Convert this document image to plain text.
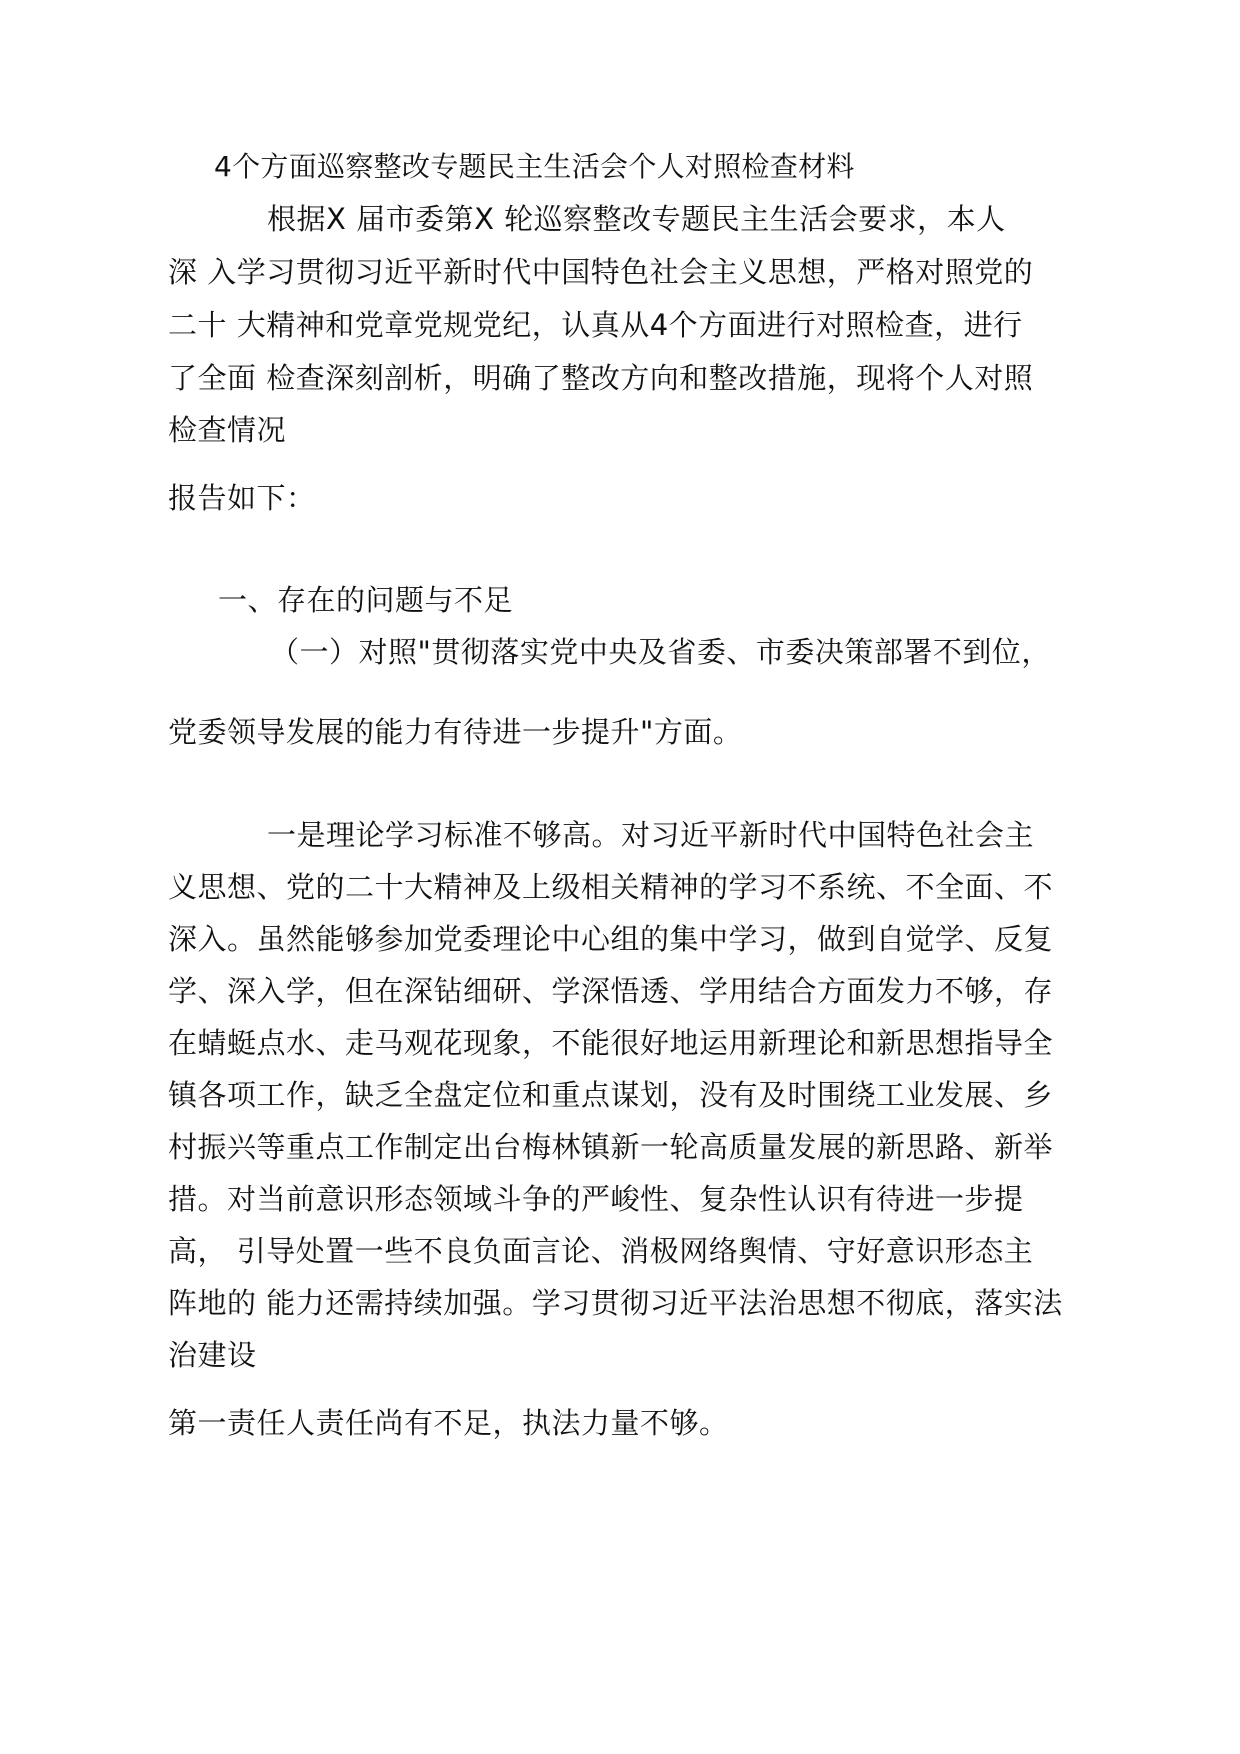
4个方面巡察整改专题民主生活会个人对照检查材料
根据X 届市委第X 轮巡察整改专题民主生活会要求，本人
深 入学习贯彻习近平新时代中国特色社会主义思想，严格对照党的
二十 大精神和党章党规党纪，认真从4个方面进行对照检查，进行
了全面 检查深刻剖析，明确了整改方向和整改措施，现将个人对照
检查情况
报告如下：
一、存在的问题与不足
（一）对照"贯彻落实党中央及省委、市委决策部署不到位，
党委领导发展的能力有待进一步提升"方面。
一是理论学习标准不够高。对习近平新时代中国特色社会主
义思想、党的二十大精神及上级相关精神的学习不系统、不全面、不
深入。虽然能够参加党委理论中心组的集中学习，做到自觉学、反复
学、深入学，但在深钻细研、学深悟透、学用结合方面发力不够，存
在蜻蜓点水、走马观花现象，不能很好地运用新理论和新思想指导全
镇各项工作，缺乏全盘定位和重点谋划，没有及时围绕工业发展、乡
村振兴等重点工作制定出台梅林镇新一轮高质量发展的新思路、新举
措。对当前意识形态领域斗争的严峻性、复杂性认识有待进一步提
高， 引导处置一些不良负面言论、消极网络舆情、守好意识形态主
阵地的 能力还需持续加强。学习贯彻习近平法治思想不彻底，落实法
治建设
第一责任人责任尚有不足，执法力量不够。
